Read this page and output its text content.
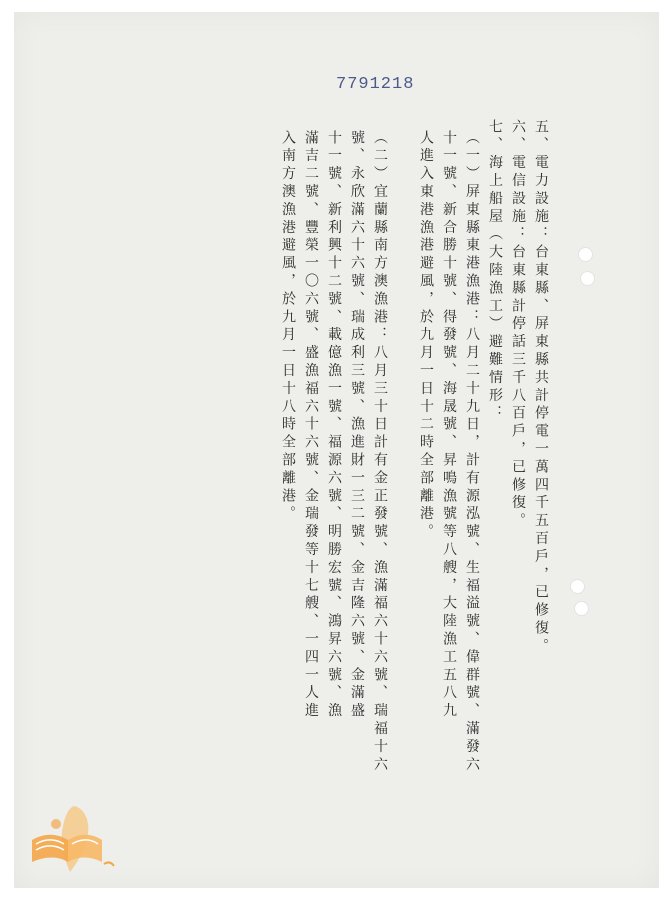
7791218
五、電力設施：台東縣、屏東縣共計停電一萬四千五百戶，已修復。
六、電信設施：台東縣計停話三千八百戶，已修復。
七、海上船屋（大陸漁工）避難情形：
（一）屏東縣東港漁港：八月二十九日，計有源泓號、生福溢號、偉群號、滿發六
十一號、新合勝十號、得發號、海晟號、昇鳴漁號等八艘，大陸漁工五八九
人進入東港漁港避風，於九月一日十二時全部離港。
（二）宜蘭縣南方澳漁港：八月三十日計有金正發號、漁滿福六十六號、瑞福十六
號、永欣滿六十六號、瑞成利三號、漁進財一三二號、金吉隆六號、金滿盛
十一號、新利興十二號、載億漁一號、福源六號、明勝宏號、鴻昇六號、漁
滿吉二號、豐榮一〇六號、盛漁福六十六號、金瑞發等十七艘、一四一人進
入南方澳漁港避風，於九月一日十八時全部離港。
